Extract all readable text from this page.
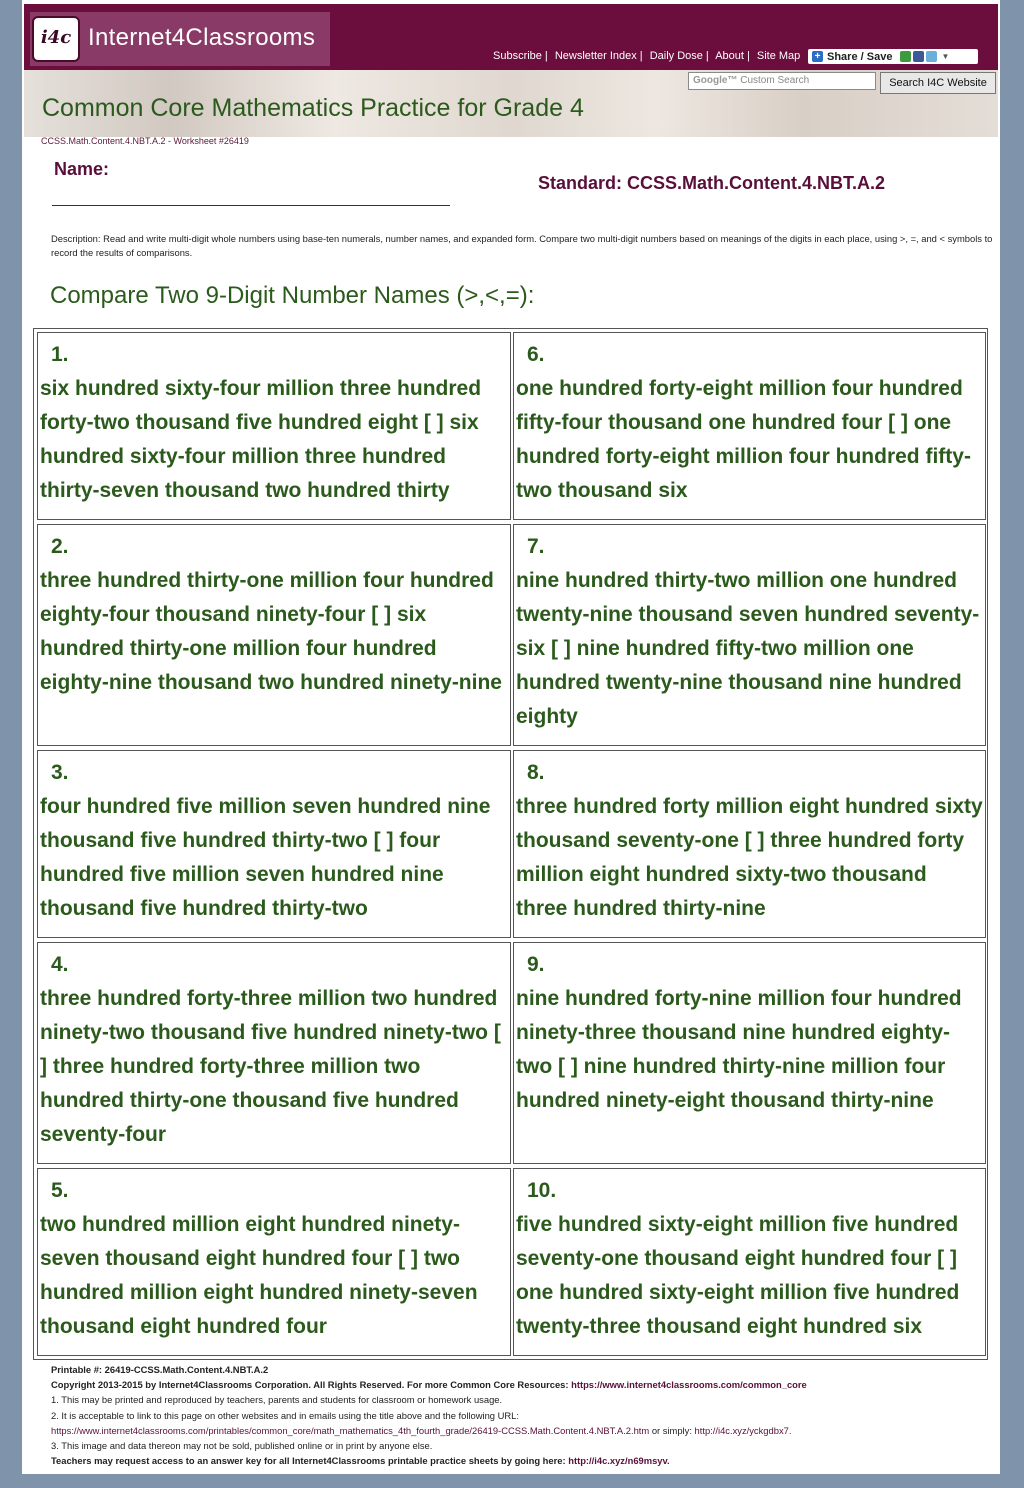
i4c Internet4Classrooms
Subscribe | Newsletter Index | Daily Dose | About | Site Map + Share / Save	▼
Google™ Custom Search	Search I4C Website
Common Core Mathematics Practice for Grade 4
CCSS.Math.Content.4.NBT.A.2 - Worksheet #26419
Name:
Standard: CCSS.Math.Content.4.NBT.A.2
Description: Read and write multi-digit whole numbers using base-ten numerals, number names, and expanded form. Compare two multi-digit numbers based on meanings of the digits in each place, using >, =, and < symbols to record the results of comparisons.
Compare Two 9-Digit Number Names (>,<,=):
1.
six hundred sixty-four million three hundred forty-two thousand five hundred eight [ ] six hundred sixty-four million three hundred thirty-seven thousand two hundred thirty
6.
one hundred forty-eight million four hundred fifty-four thousand one hundred four [ ] one hundred forty-eight million four hundred fifty-two thousand six
2.
three hundred thirty-one million four hundred eighty-four thousand ninety-four [ ] six hundred thirty-one million four hundred eighty-nine thousand two hundred ninety-nine
7.
nine hundred thirty-two million one hundred twenty-nine thousand seven hundred seventy-six [ ] nine hundred fifty-two million one hundred twenty-nine thousand nine hundred eighty
3.
four hundred five million seven hundred nine thousand five hundred thirty-two [ ] four hundred five million seven hundred nine thousand five hundred thirty-two
8.
three hundred forty million eight hundred sixty thousand seventy-one [ ] three hundred forty million eight hundred sixty-two thousand three hundred thirty-nine
4.
three hundred forty-three million two hundred ninety-two thousand five hundred ninety-two [ ] three hundred forty-three million two hundred thirty-one thousand five hundred seventy-four
9.
nine hundred forty-nine million four hundred ninety-three thousand nine hundred eighty-two [ ] nine hundred thirty-nine million four hundred ninety-eight thousand thirty-nine
5.
two hundred million eight hundred ninety-seven thousand eight hundred four [ ] two hundred million eight hundred ninety-seven thousand eight hundred four
10.
five hundred sixty-eight million five hundred seventy-one thousand eight hundred four [ ] one hundred sixty-eight million five hundred twenty-three thousand eight hundred six
Printable #: 26419-CCSS.Math.Content.4.NBT.A.2
Copyright 2013-2015 by Internet4Classrooms Corporation. All Rights Reserved. For more Common Core Resources: https://www.internet4classrooms.com/common_core
1. This may be printed and reproduced by teachers, parents and students for classroom or homework usage.
2. It is acceptable to link to this page on other websites and in emails using the title above and the following URL:
https://www.internet4classrooms.com/printables/common_core/math_mathematics_4th_fourth_grade/26419-CCSS.Math.Content.4.NBT.A.2.htm or simply: http://i4c.xyz/yckgdbx7.
3. This image and data thereon may not be sold, published online or in print by anyone else.
Teachers may request access to an answer key for all Internet4Classrooms printable practice sheets by going here: http://i4c.xyz/n69msyv.
